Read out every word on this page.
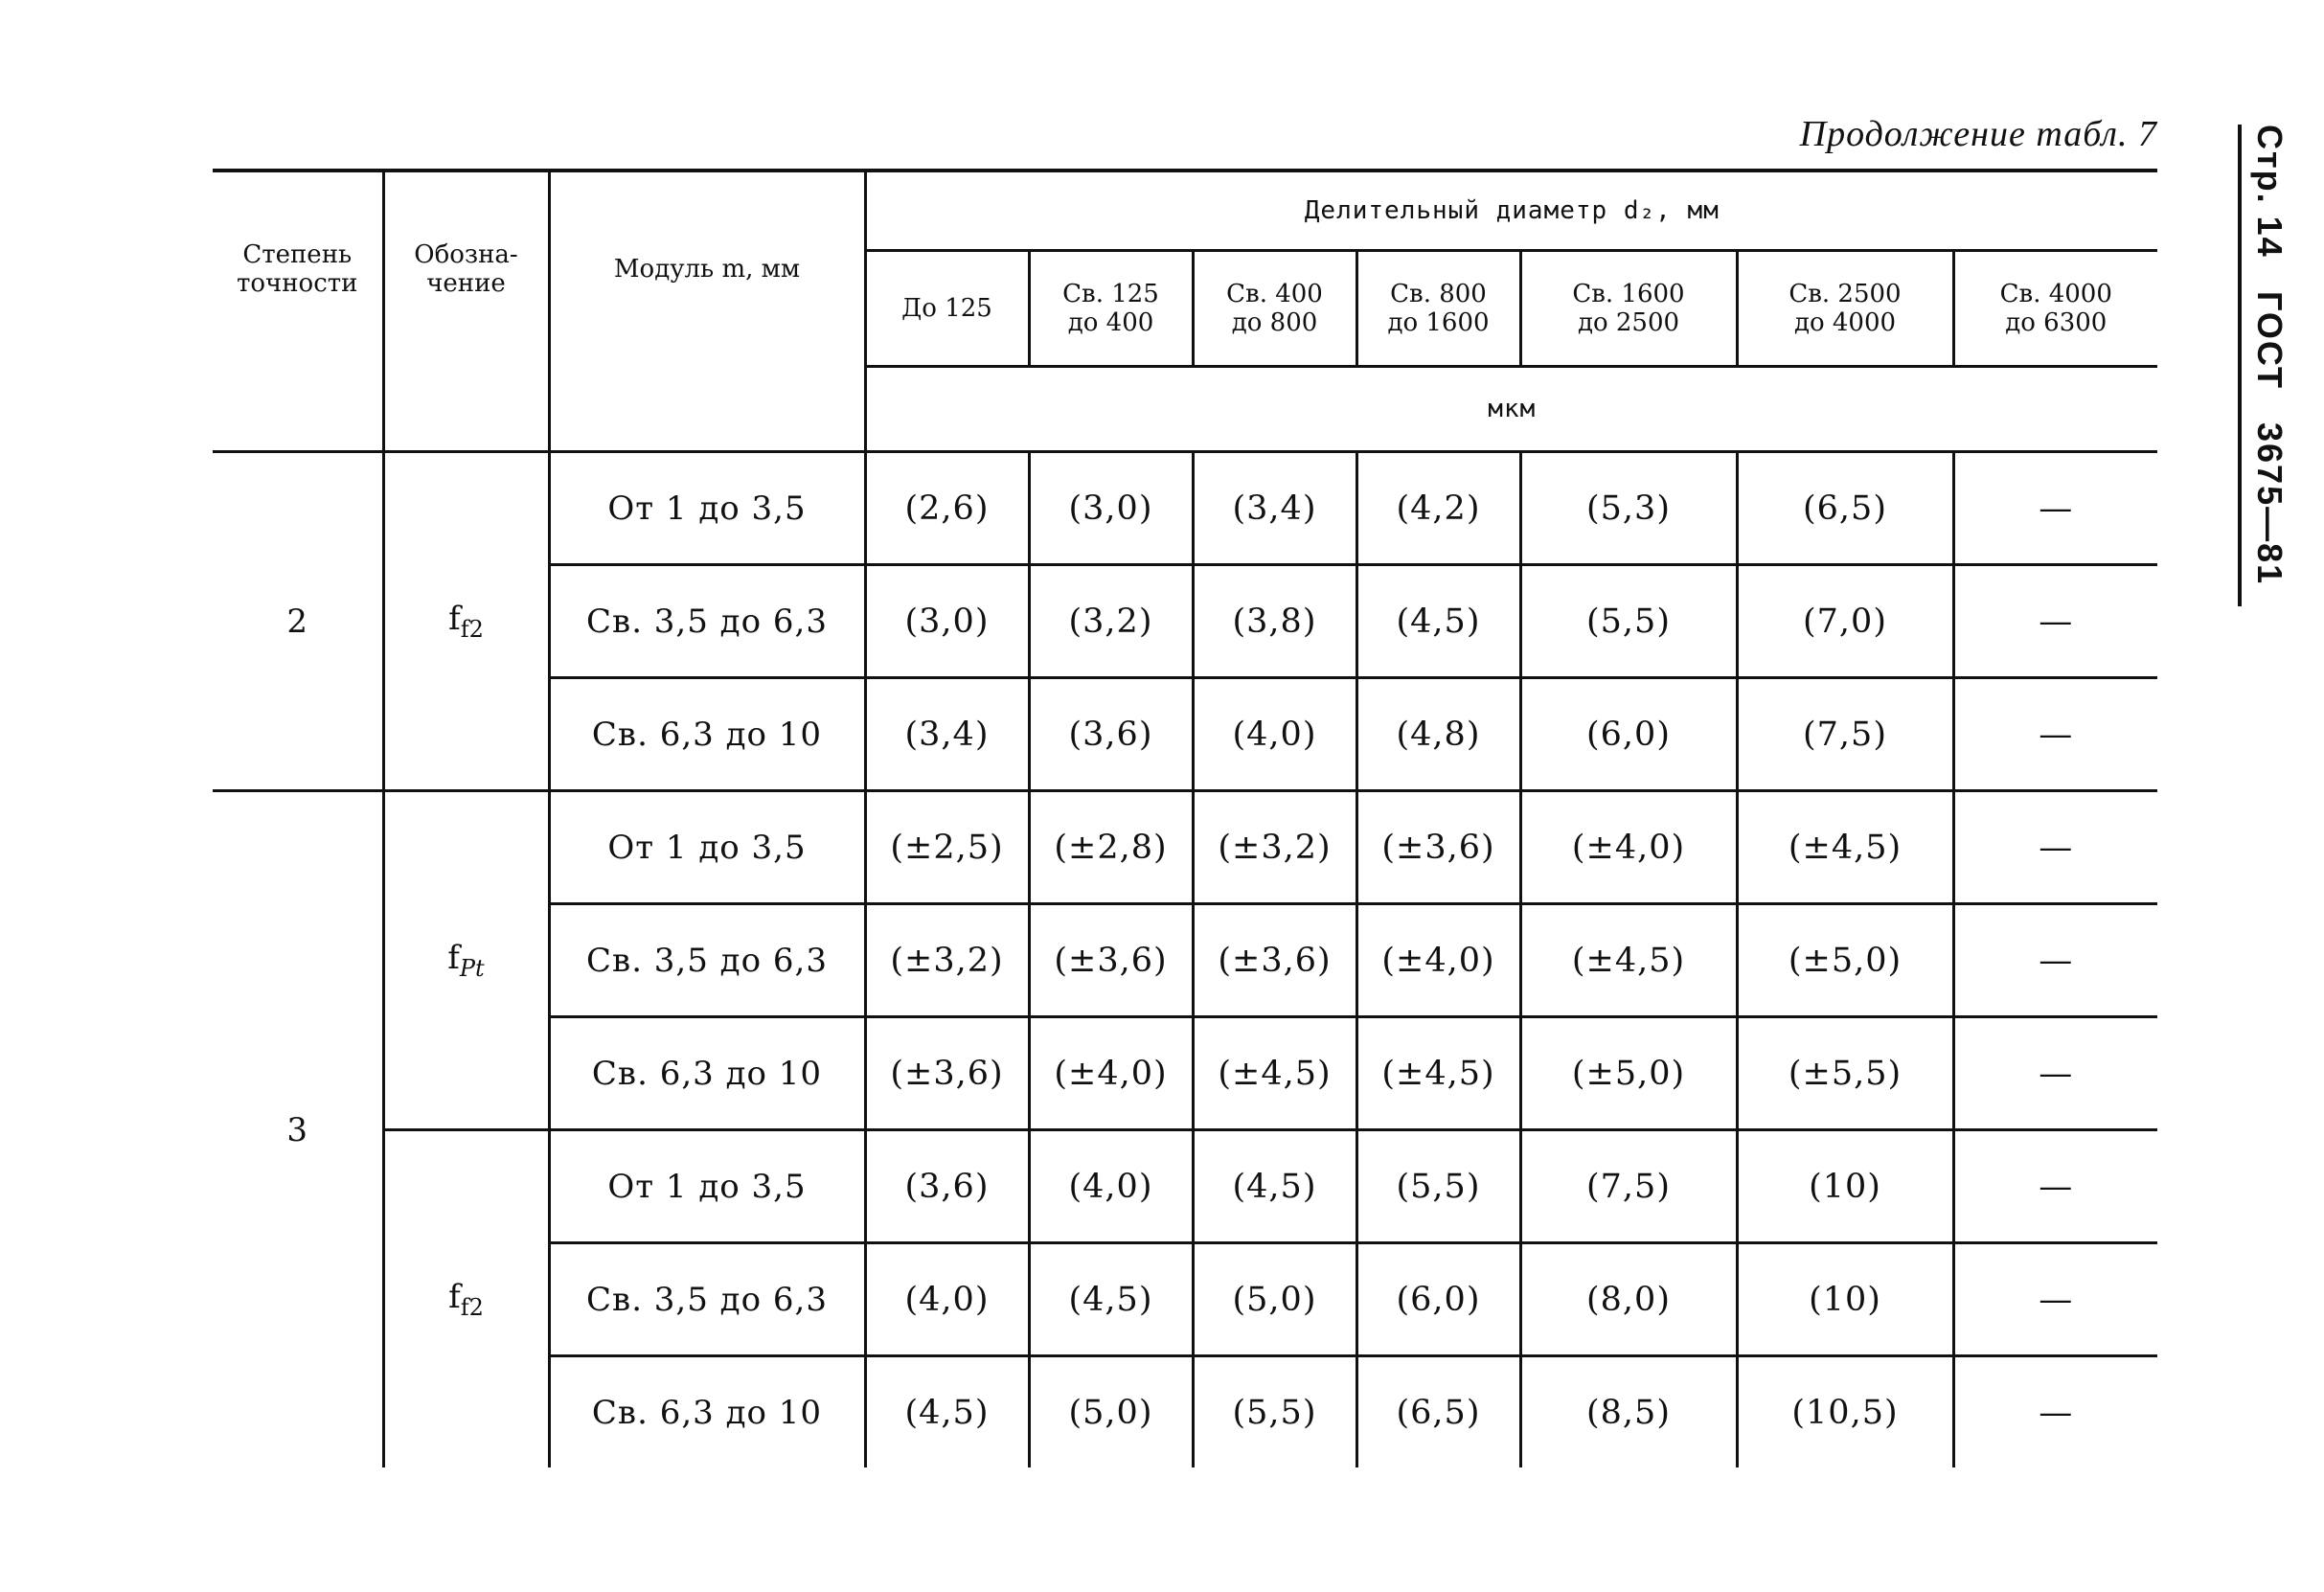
Продолжение табл. 7	Стр. 14 ГОСТ 3675—81
Степень точности	Обозна- чение	Модуль m, мм	Делительный диаметр d₂, мм						
			До 125	Св. 125 до 400	Св. 400 до 800	Св. 800 до 1600	Св. 1600 до 2500	Св. 2500 до 4000	Св. 4000 до 6300
			мкм						
2	$f_{f2}$	От 1 до 3,5	(2,6)	(3,0)	(3,4)	(4,2)	(5,3)	(6,5)	—
		Св. 3,5 до 6,3	(3,0)	(3,2)	(3,8)	(4,5)	(5,5)	(7,0)	—
		Св. 6,3 до 10	(3,4)	(3,6)	(4,0)	(4,8)	(6,0)	(7,5)	—
3	$f_{Pt}$	От 1 до 3,5	(±2,5)	(±2,8)	(±3,2)	(±3,6)	(±4,0)	(±4,5)	—
		Св. 3,5 до 6,3	(±3,2)	(±3,6)	(±3,6)	(±4,0)	(±4,5)	(±5,0)	—
		Св. 6,3 до 10	(±3,6)	(±4,0)	(±4,5)	(±4,5)	(±5,0)	(±5,5)	—
	$f_{f2}$	От 1 до 3,5	(3,6)	(4,0)	(4,5)	(5,5)	(7,5)	(10)	—
		Св. 3,5 до 6,3	(4,0)	(4,5)	(5,0)	(6,0)	(8,0)	(10)	—
		Св. 6,3 до 10	(4,5)	(5,0)	(5,5)	(6,5)	(8,5)	(10,5)	—
